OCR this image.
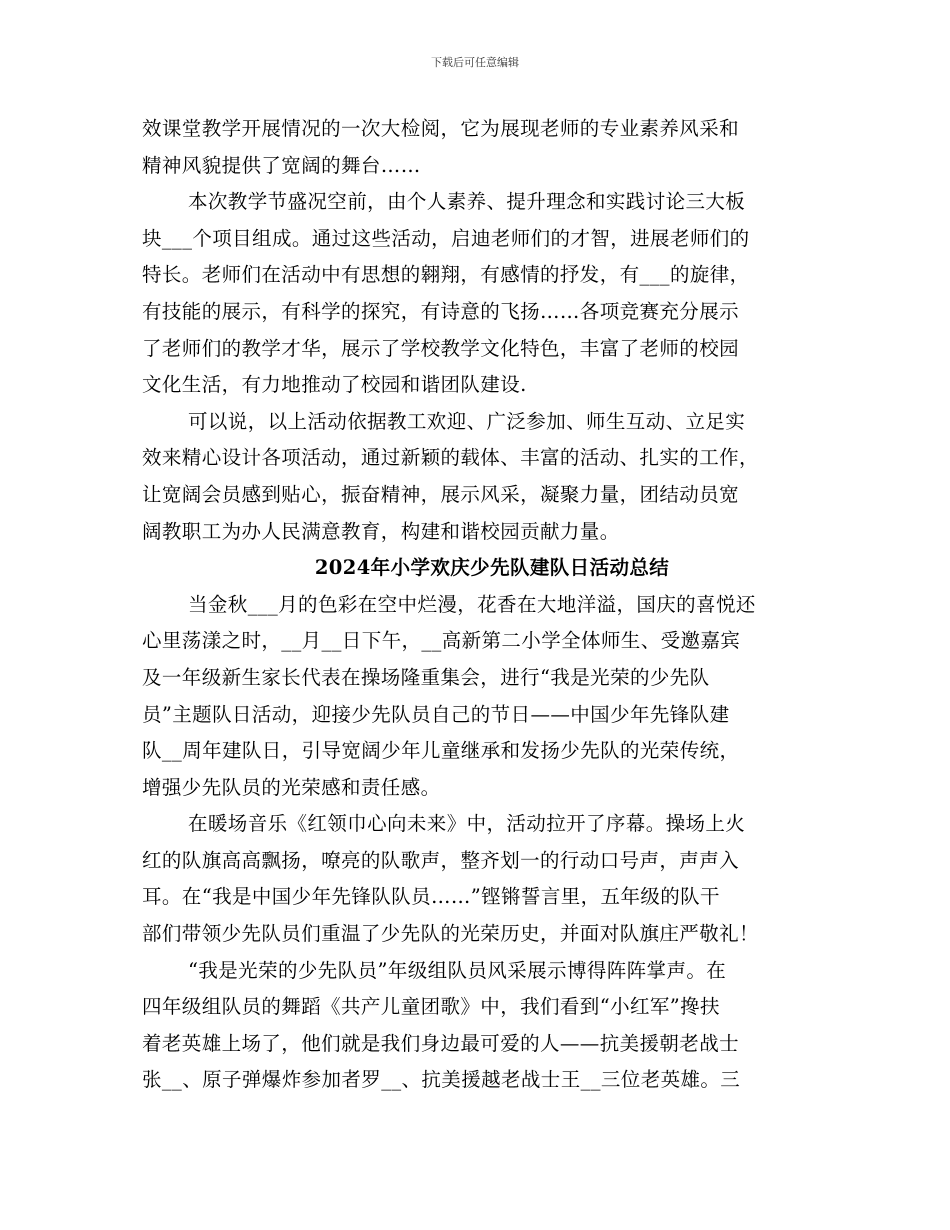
下载后可任意编辑
效课堂教学开展情况的一次大检阅，它为展现老师的专业素养风采和
精神风貌提供了宽阔的舞台……
本次教学节盛况空前，由个人素养、提升理念和实践讨论三大板
块___个项目组成。通过这些活动，启迪老师们的才智，进展老师们的
特长。老师们在活动中有思想的翱翔，有感情的抒发，有___的旋律，
有技能的展示，有科学的探究，有诗意的飞扬……各项竞赛充分展示
了老师们的教学才华，展示了学校教学文化特色，丰富了老师的校园
文化生活，有力地推动了校园和谐团队建设.
可以说，以上活动依据教工欢迎、广泛参加、师生互动、立足实
效来精心设计各项活动，通过新颖的载体、丰富的活动、扎实的工作，
让宽阔会员感到贴心，振奋精神，展示风采，凝聚力量，团结动员宽
阔教职工为办人民满意教育，构建和谐校园贡献力量。
2024年小学欢庆少先队建队日活动总结
当金秋___月的色彩在空中烂漫，花香在大地洋溢，国庆的喜悦还
心里荡漾之时，__月__日下午，__高新第二小学全体师生、受邀嘉宾
及一年级新生家长代表在操场隆重集会，进行“我是光荣的少先队
员”主题队日活动，迎接少先队员自己的节日——中国少年先锋队建
队__周年建队日，引导宽阔少年儿童继承和发扬少先队的光荣传统，
增强少先队员的光荣感和责任感。
在暖场音乐《红领巾心向未来》中，活动拉开了序幕。操场上火
红的队旗高高飘扬，嘹亮的队歌声，整齐划一的行动口号声，声声入
耳。在“我是中国少年先锋队队员……”铿锵誓言里，五年级的队干
部们带领少先队员们重温了少先队的光荣历史，并面对队旗庄严敬礼！
“我是光荣的少先队员”年级组队员风采展示博得阵阵掌声。在
四年级组队员的舞蹈《共产儿童团歌》中，我们看到“小红军”搀扶
着老英雄上场了，他们就是我们身边最可爱的人——抗美援朝老战士
张__、原子弹爆炸参加者罗__、抗美援越老战士王__三位老英雄。三
